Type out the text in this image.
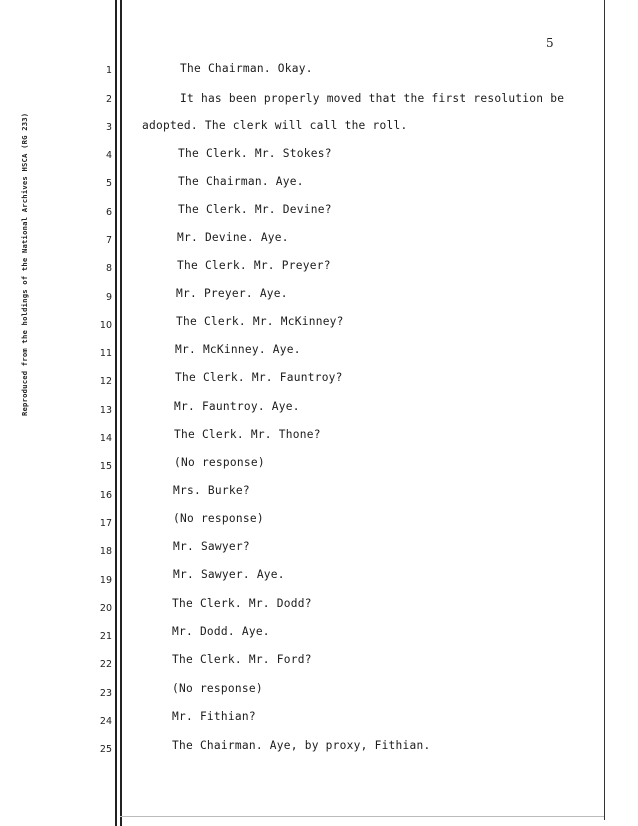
Reproduced from the holdings of the National Archives HSCA (RG 233)
5
1
2
3
4
5
6
7
8
9
10
11
12
13
14
15
16
17
18
19
20
21
22
23
24
25
The Chairman. Okay.
It has been properly moved that the first resolution be
adopted. The clerk will call the roll.
The Clerk. Mr. Stokes?
The Chairman. Aye.
The Clerk. Mr. Devine?
Mr. Devine. Aye.
The Clerk. Mr. Preyer?
Mr. Preyer. Aye.
The Clerk. Mr. McKinney?
Mr. McKinney. Aye.
The Clerk. Mr. Fauntroy?
Mr. Fauntroy. Aye.
The Clerk. Mr. Thone?
(No response)
Mrs. Burke?
(No response)
Mr. Sawyer?
Mr. Sawyer. Aye.
The Clerk. Mr. Dodd?
Mr. Dodd. Aye.
The Clerk. Mr. Ford?
(No response)
Mr. Fithian?
The Chairman. Aye, by proxy, Fithian.
